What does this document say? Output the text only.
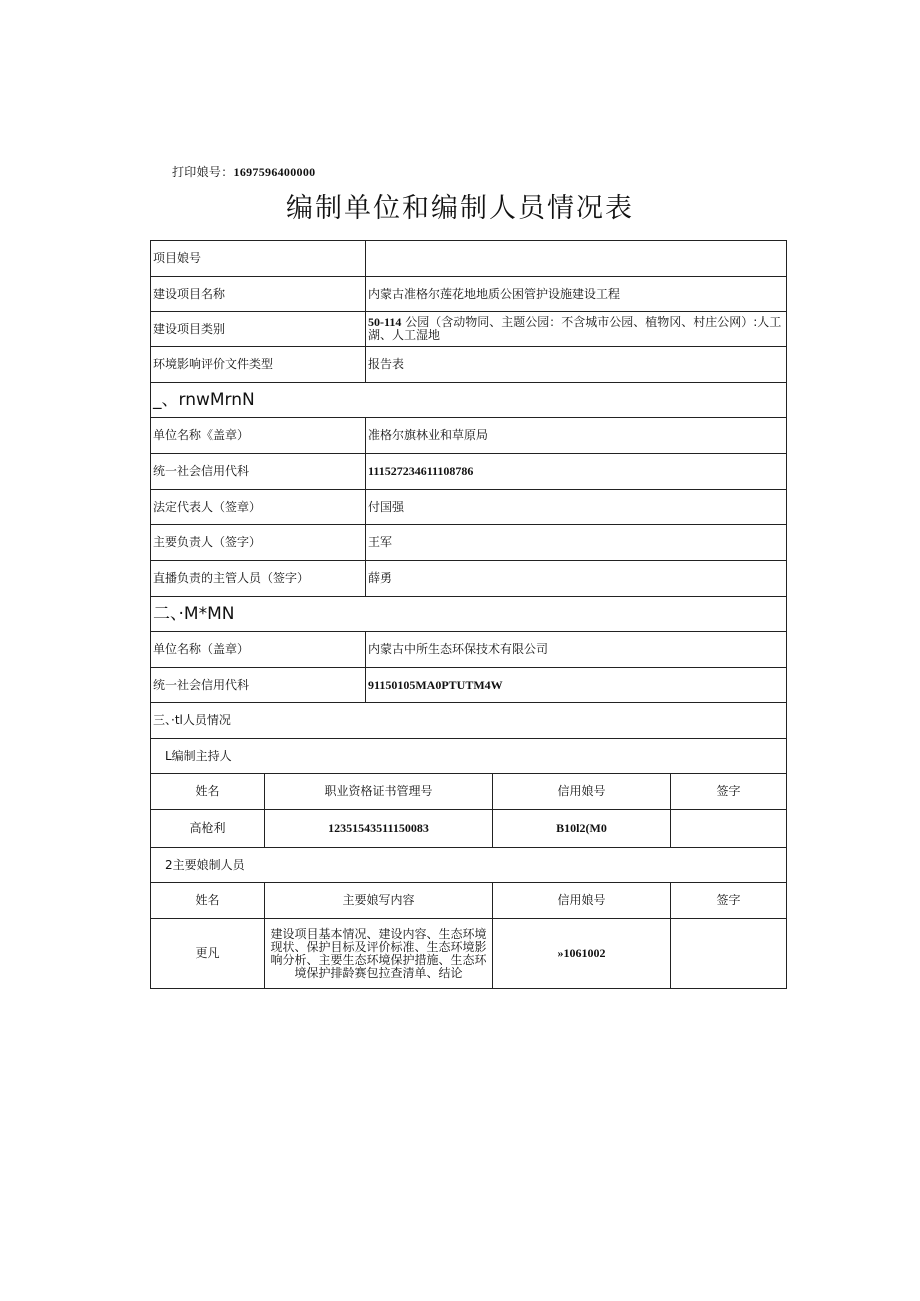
打印娘号：1697596400000
编制单位和编制人员情况表
项目娘号				
建设项目名称		内蒙古准格尔莲花地地质公困管护设施建设工程		
建设项目类别		50-114 公园（含动物同、主题公园：不含城市公园、植物冈、村庄公网）:人工湖、人工湿地		
环境影响评价文件类型		报告表		
_、rnwMrnN				
单位名称《盖章）		准格尔旗林业和草原局		
统一社会信用代科		111527234611108786		
法定代表人（签章）		付国强		
主要负责人（签字）		王军		
直播负责的主管人员（签字）		薛勇		
二、·M*MN				
单位名称（盖章）		内蒙古中所生态环保技术有限公司		
统一社会信用代科		91150105MA0PTUTM4W		
三、·tl人员情况				
L编制主持人				
姓名	职业资格证书管理号		信用娘号	签字
高枪利	12351543511150083		B10l2(M0	
2主要娘制人员				
姓名	主要娘写内容		信用娘号	签字
更凡	建设项目基本情况、建设内容、生态环境现状、保护目标及评价标准、生态环境影响分析、主要生态环境保护措施、生态环境保护排龄赛包拉查清单、结论		»1061002	
